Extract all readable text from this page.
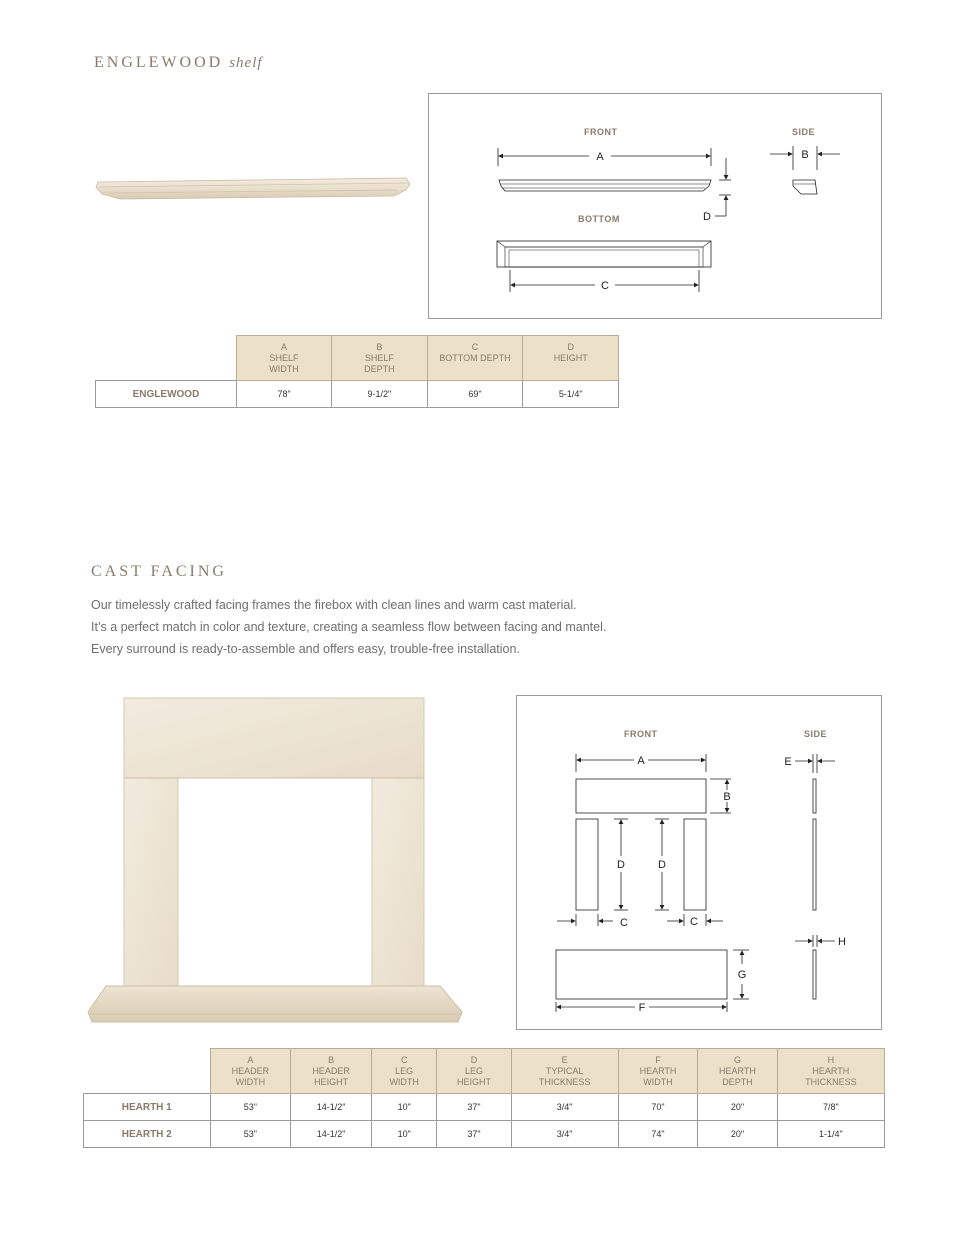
ENGLEWOOD shelf
FRONT	SIDE
BOTTOM
A
D
B
C
	A
SHELF
WIDTH	B
SHELF
DEPTH	C
BOTTOM DEPTH	D
HEIGHT

ENGLEWOOD	78"	9-1/2"	69"	5-1/4"
CAST FACING

Our timelessly crafted facing frames the firebox with clean lines and warm cast material.

It’s a perfect match in color and texture, creating a seamless flow between facing and mantel.

Every surround is ready-to-assemble and offers easy, trouble-free installation.

FRONT	SIDE
A
B
D	D
C	C
G
F
E
H
	A
HEADER
WIDTH	B
HEADER
HEIGHT	C
LEG
WIDTH	D
LEG
HEIGHT	E
TYPICAL
THICKNESS	F
HEARTH
WIDTH	G
HEARTH
DEPTH	H
HEARTH
THICKNESS
HEARTH 1	53"	14-1/2"	10"	37"	3/4"	70"	20"	7/8"
HEARTH 2	53"	14-1/2"	10"	37"	3/4"	74"	20"	1-1/4"
